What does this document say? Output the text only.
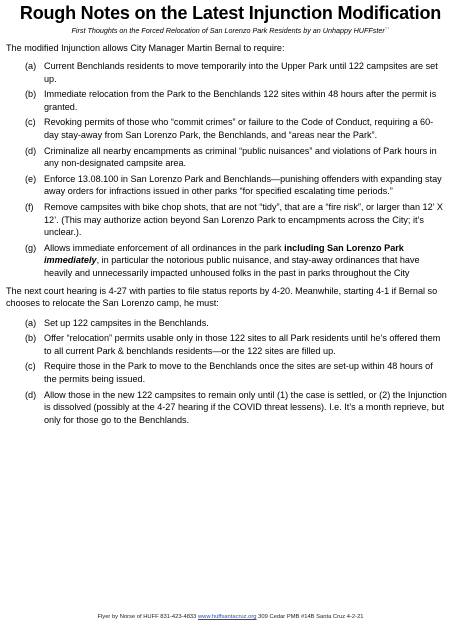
Rough Notes on the Latest Injunction Modification

First Thoughts on the Forced Relocation of San Lorenzo Park Residents by an Unhappy HUFFster``

The modified Injunction allows City Manager Martin Bernal to require:

(a) Current Benchlands residents to move temporarily into the Upper Park until 122 campsites are set up.
(b) Immediate relocation from the Park to the Benchlands 122 sites within 48 hours after the permit is granted.
(c) Revoking permits of those who “commit crimes” or failure to the Code of Conduct, requiring a 60-day stay-away from San Lorenzo Park, the Benchlands, and “areas near the Park”.
(d) Criminalize all nearby encampments as criminal “public nuisances” and violations of Park hours in any non-designated campsite area.
(e) Enforce 13.08.100 in San Lorenzo Park and Benchlands—punishing offenders with expanding stay away orders for infractions issued in other parks “for specified escalating time periods.”
(f) Remove campsites with bike chop shots, that are not “tidy”, that are a “fire risk”, or larger than 12’ X 12’. (This may authorize action beyond San Lorenzo Park to encampments across the City; it’s unclear.).
(g) Allows immediate enforcement of all ordinances in the park including San Lorenzo Park immediately, in particular the notorious public nuisance, and stay-away ordinances that have heavily and unnecessarily impacted unhoused folks in the past in parks throughout the City

The next court hearing is 4-27 with parties to file status reports by 4-20. Meanwhile, starting 4-1 if Bernal so chooses to relocate the San Lorenzo camp, he must:

(a) Set up 122 campsites in the Benchlands.
(b) Offer “relocation” permits usable only in those 122 sites to all Park residents until he’s offered them to all current Park & benchlands residents—or the 122 sites are filled up.
(c) Require those in the Park to move to the Benchlands once the sites are set-up within 48 hours of the permits being issued.
(d) Allow those in the new 122 campsites to remain only until (1) the case is settled, or (2) the Injunction is dissolved (possibly at the 4-27 hearing if the COVID threat lessens). I.e. It’s a month reprieve, but only for those go to the Benchlands.
Flyer by Norse of HUFF 831-423-4833 www.huffsantacruz.org 309 Cedar PMB #14B Santa Cruz 4-2-21
